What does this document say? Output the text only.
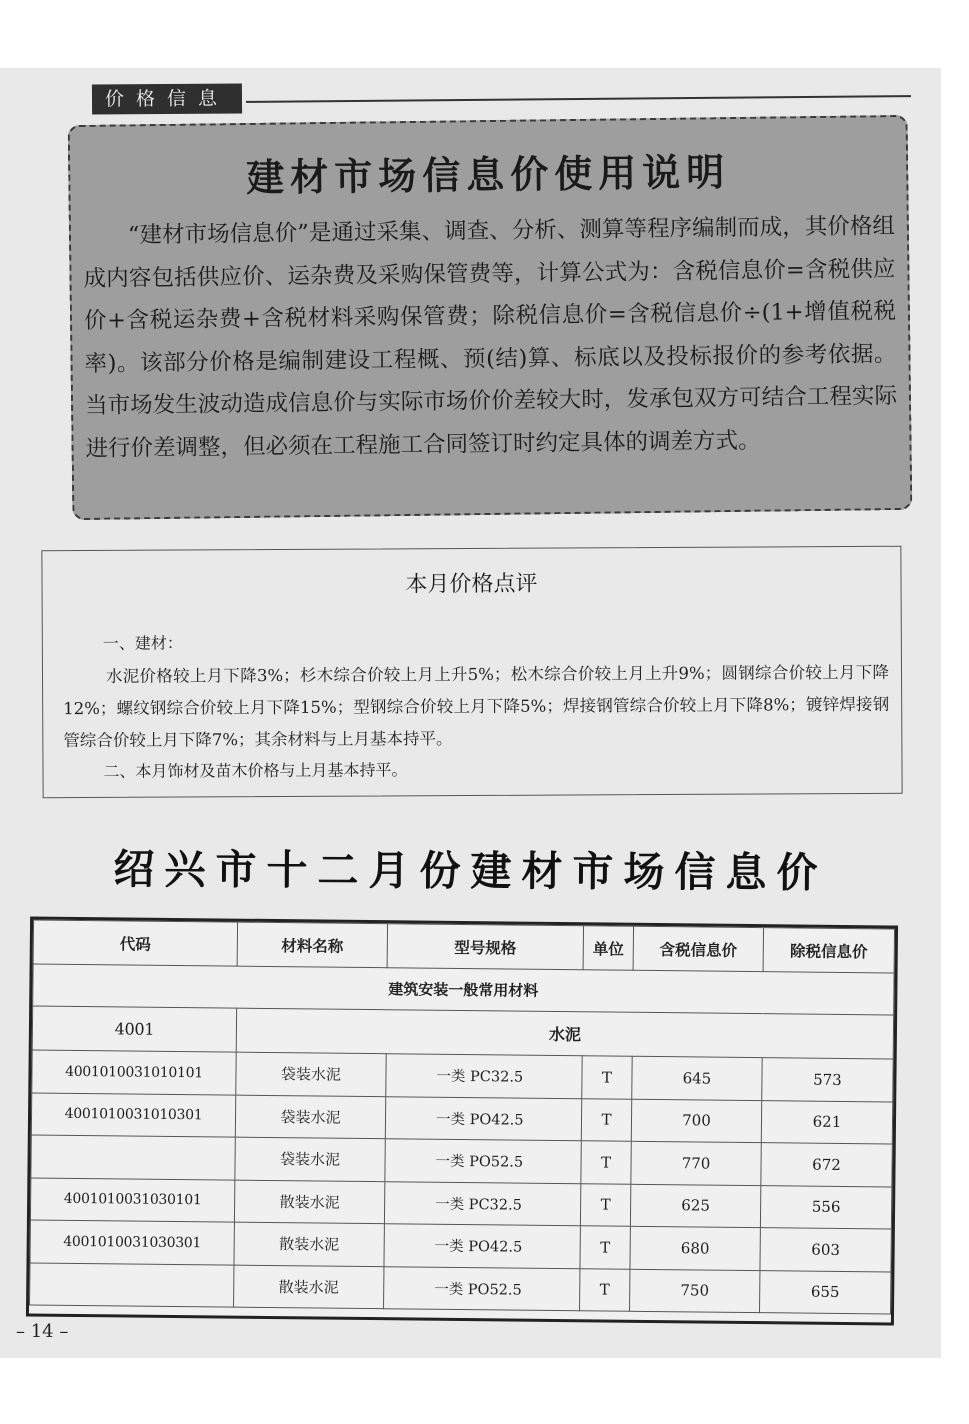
价格信息
建材市场信息价使用说明

“建材市场信息价”是通过采集、调查、分析、测算等程序编制而成，其价格组成内容包括供应价、运杂费及采购保管费等，计算公式为：含税信息价=含税供应价+含税运杂费+含税材料采购保管费；除税信息价=含税信息价÷(1+增值税税率)。该部分价格是编制建设工程概、预(结)算、标底以及投标报价的参考依据。当市场发生波动造成信息价与实际市场价价差较大时，发承包双方可结合工程实际进行价差调整，但必须在工程施工合同签订时约定具体的调差方式。

本月价格点评
一、建材：

水泥价格较上月下降3%；杉木综合价较上月上升5%；松木综合价较上月上升9%；圆钢综合价较上月下降12%；螺纹钢综合价较上月下降15%；型钢综合价较上月下降5%；焊接钢管综合价较上月下降8%；镀锌焊接钢管综合价较上月下降7%；其余材料与上月基本持平。

二、本月饰材及苗木价格与上月基本持平。
绍兴市十二月份建材市场信息价
代码	材料名称	型号规格	单位	含税信息价	除税信息价
建筑安装一般常用材料					
4001	水泥				
4001010031010101	袋装水泥	一类 PC32.5	T	645	573
4001010031010301	袋装水泥	一类 PO42.5	T	700	621
	袋装水泥	一类 PO52.5	T	770	672
4001010031030101	散装水泥	一类 PC32.5	T	625	556
4001010031030301	散装水泥	一类 PO42.5	T	680	603
	散装水泥	一类 PO52.5	T	750	655
– 14 –
